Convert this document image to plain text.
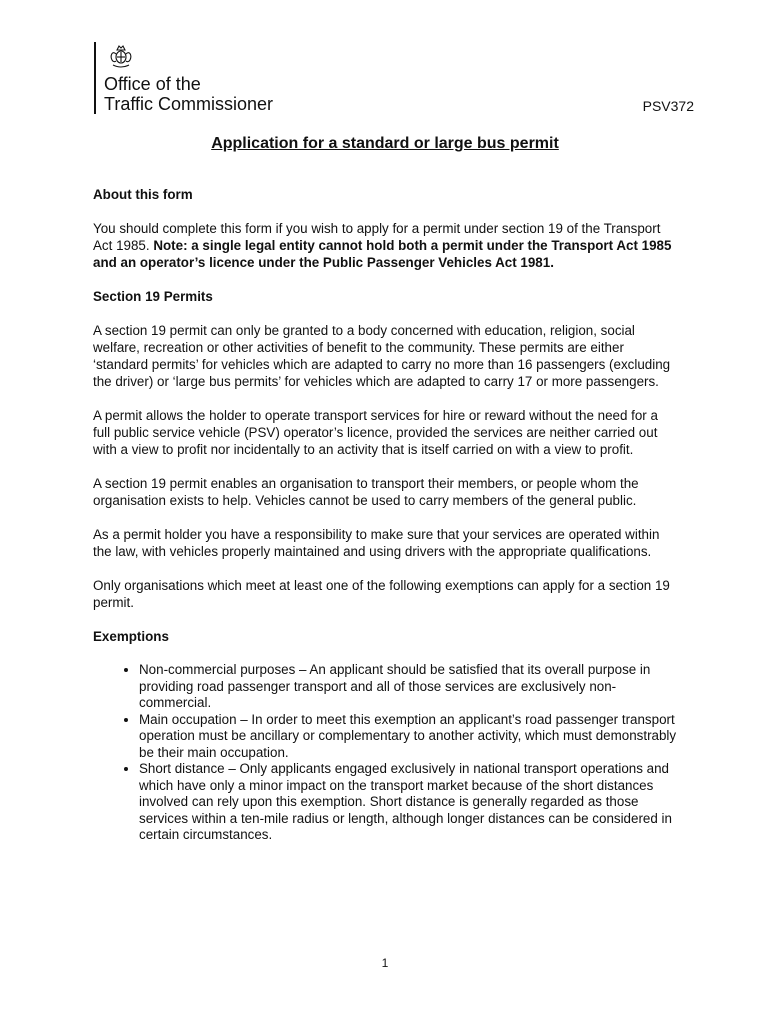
Office of the
Traffic Commissioner	PSV372
Application for a standard or large bus permit
About this form

You should complete this form if you wish to apply for a permit under section 19 of the Transport Act 1985. Note: a single legal entity cannot hold both a permit under the Transport Act 1985 and an operator’s licence under the Public Passenger Vehicles Act 1981.

Section 19 Permits

A section 19 permit can only be granted to a body concerned with education, religion, social welfare, recreation or other activities of benefit to the community. These permits are either ‘standard permits’ for vehicles which are adapted to carry no more than 16 passengers (excluding the driver) or ‘large bus permits’ for vehicles which are adapted to carry 17 or more passengers.

A permit allows the holder to operate transport services for hire or reward without the need for a full public service vehicle (PSV) operator’s licence, provided the services are neither carried out with a view to profit nor incidentally to an activity that is itself carried on with a view to profit.

A section 19 permit enables an organisation to transport their members, or people whom the organisation exists to help. Vehicles cannot be used to carry members of the general public.

As a permit holder you have a responsibility to make sure that your services are operated within the law, with vehicles properly maintained and using drivers with the appropriate qualifications.

Only organisations which meet at least one of the following exemptions can apply for a section 19 permit.

Exemptions
• Non-commercial purposes – An applicant should be satisfied that its overall purpose in providing road passenger transport and all of those services are exclusively non-commercial.
• Main occupation – In order to meet this exemption an applicant’s road passenger transport operation must be ancillary or complementary to another activity, which must demonstrably be their main occupation.
• Short distance – Only applicants engaged exclusively in national transport operations and which have only a minor impact on the transport market because of the short distances involved can rely upon this exemption. Short distance is generally regarded as those services within a ten-mile radius or length, although longer distances can be considered in certain circumstances.
1
